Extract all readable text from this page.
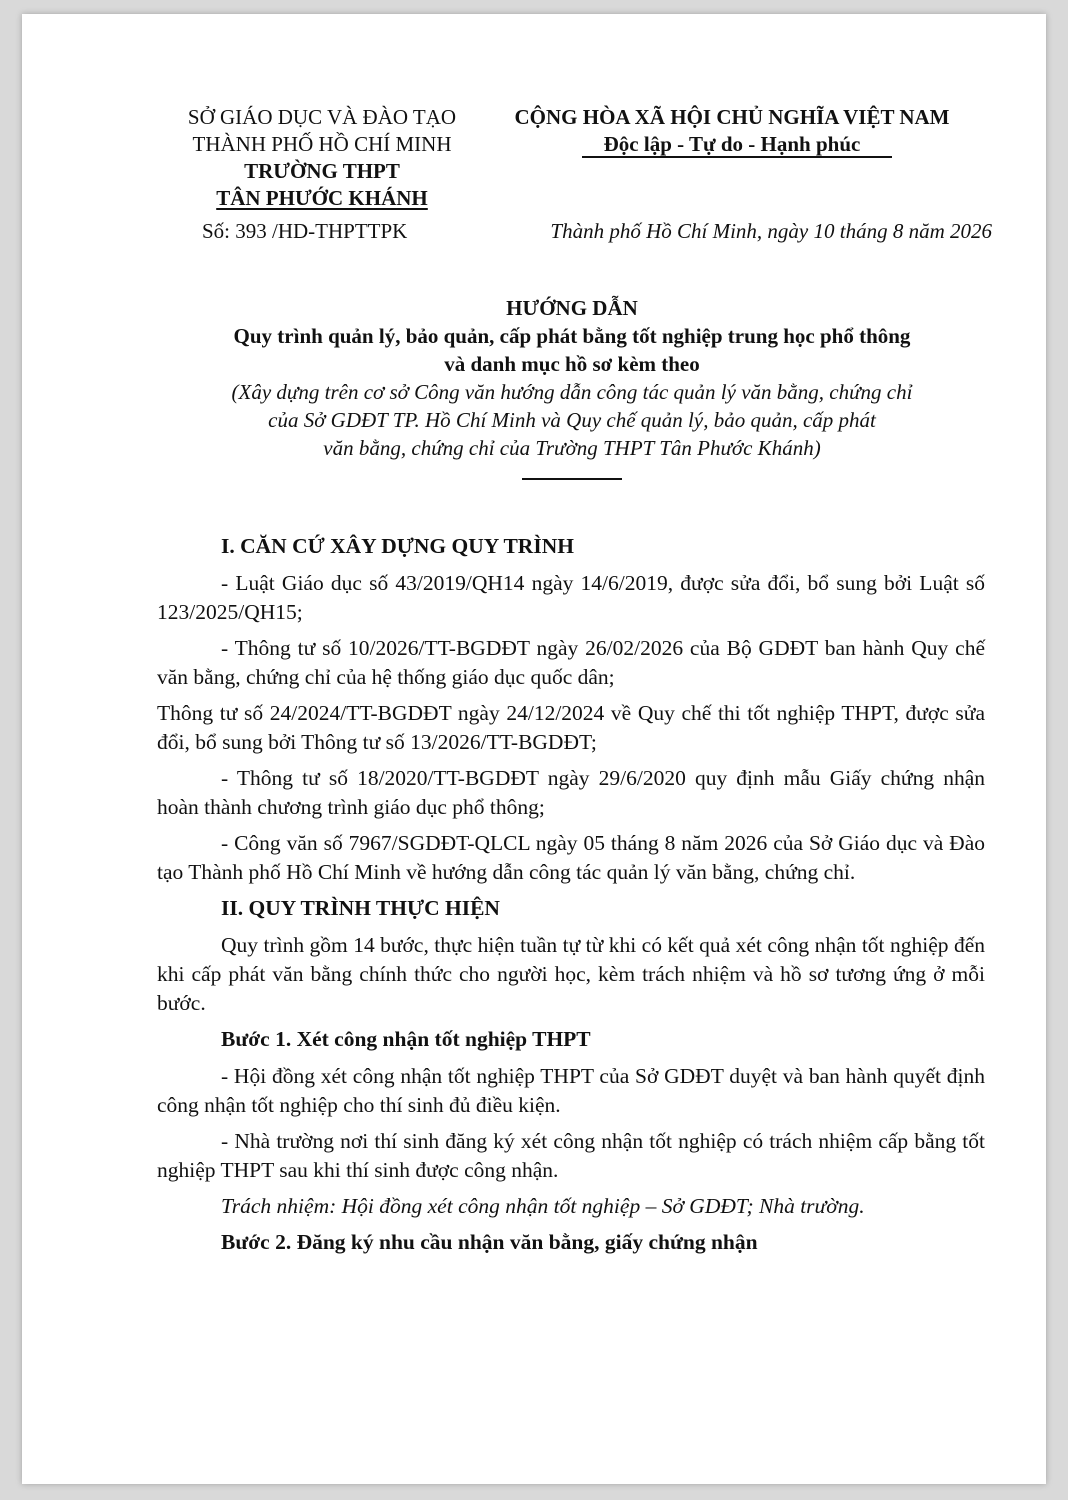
SỞ GIÁO DỤC VÀ ĐÀO TẠO
THÀNH PHỐ HỒ CHÍ MINH
TRƯỜNG THPT
TÂN PHƯỚC KHÁNH
CỘNG HÒA XÃ HỘI CHỦ NGHĨA VIỆT NAM
Độc lập - Tự do - Hạnh phúc
Số: 393 /HD-THPTTPK	Thành phố Hồ Chí Minh, ngày 10 tháng 8 năm 2026
HƯỚNG DẪN
Quy trình quản lý, bảo quản, cấp phát bằng tốt nghiệp trung học phổ thông
và danh mục hồ sơ kèm theo
(Xây dựng trên cơ sở Công văn hướng dẫn công tác quản lý văn bằng, chứng chỉ
của Sở GDĐT TP. Hồ Chí Minh và Quy chế quản lý, bảo quản, cấp phát
văn bằng, chứng chỉ của Trường THPT Tân Phước Khánh)

I. CĂN CỨ XÂY DỰNG QUY TRÌNH

- Luật Giáo dục số 43/2019/QH14 ngày 14/6/2019, được sửa đổi, bổ sung bởi Luật số 123/2025/QH15;

- Thông tư số 10/2026/TT-BGDĐT ngày 26/02/2026 của Bộ GDĐT ban hành Quy chế văn bằng, chứng chỉ của hệ thống giáo dục quốc dân;

Thông tư số 24/2024/TT-BGDĐT ngày 24/12/2024 về Quy chế thi tốt nghiệp THPT, được sửa đổi, bổ sung bởi Thông tư số 13/2026/TT-BGDĐT;

- Thông tư số 18/2020/TT-BGDĐT ngày 29/6/2020 quy định mẫu Giấy chứng nhận hoàn thành chương trình giáo dục phổ thông;

- Công văn số 7967/SGDĐT-QLCL ngày 05 tháng 8 năm 2026 của Sở Giáo dục và Đào tạo Thành phố Hồ Chí Minh về hướng dẫn công tác quản lý văn bằng, chứng chỉ.

II. QUY TRÌNH THỰC HIỆN

Quy trình gồm 14 bước, thực hiện tuần tự từ khi có kết quả xét công nhận tốt nghiệp đến khi cấp phát văn bằng chính thức cho người học, kèm trách nhiệm và hồ sơ tương ứng ở mỗi bước.

Bước 1. Xét công nhận tốt nghiệp THPT

- Hội đồng xét công nhận tốt nghiệp THPT của Sở GDĐT duyệt và ban hành quyết định công nhận tốt nghiệp cho thí sinh đủ điều kiện.

- Nhà trường nơi thí sinh đăng ký xét công nhận tốt nghiệp có trách nhiệm cấp bằng tốt nghiệp THPT sau khi thí sinh được công nhận.

Trách nhiệm: Hội đồng xét công nhận tốt nghiệp – Sở GDĐT; Nhà trường.

Bước 2. Đăng ký nhu cầu nhận văn bằng, giấy chứng nhận
